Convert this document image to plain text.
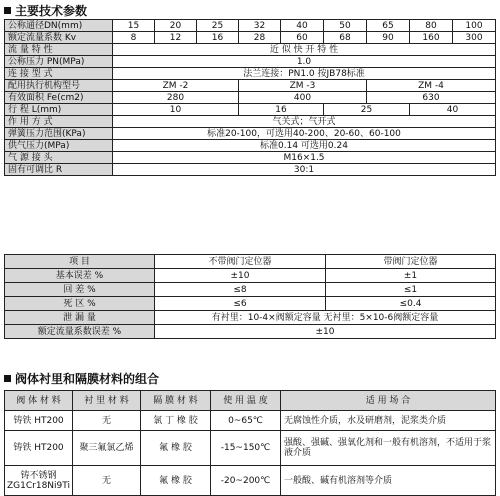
主要技术参数
公称通径DN(mm)	15	20	25	32	40	50	65	80	100
额定流量系数 Kv	8	12	16	28	60	68	90	160	300
流 量 特 性	近 似 快 开 特 性								
公称压力 PN(MPa)	1.0								
连 接 型 式	法兰连接：PN1.0 按JB78标准								
配用执行机构型号	ZM -2			ZM -3			ZM -4		
有效面积 Fe(cm2)	280			400			630		
行 程 L(mm)	10			16		25		40	
作 用 方 式	气关式；气开式								
弹簧压力范围(KPa)	标准20-100，可选用40-200、20-60、60-100								
供气压力(MPa)	标准0.14 可选用0.24								
气 源 接 头	M16×1.5								
固有可调比 R	30:1								
项 目	不带阀门定位器	带阀门定位器
基本误差 %	±10	±1
回 差 %	≤8	≤1
死 区 %	≤6	≤0.4
泄 漏 量	有衬里：10-4×阀额定容量 无衬里：5×10-6阀额定容量	
额定流量系数误差 %	±10	
阀体衬里和隔膜材料的组合
阀 体 材 料	衬 里 材 料	隔 膜 材 料	使 用 温 度	适 用 场 合
铸铁 HT200	无	氯 丁 橡 胶	0~65℃	无腐蚀性介质，水及研磨剂，泥浆类介质
铸铁 HT200	聚三氟氯乙烯	氟 橡 胶	-15~150℃	强酸、强碱、强氧化剂和一般有机溶剂，不适用于浆液介质
铸不锈钢 ZG1Cr18Ni9Ti	无	氟 橡 胶	-20~200℃	一般酸、碱有机溶剂等介质
